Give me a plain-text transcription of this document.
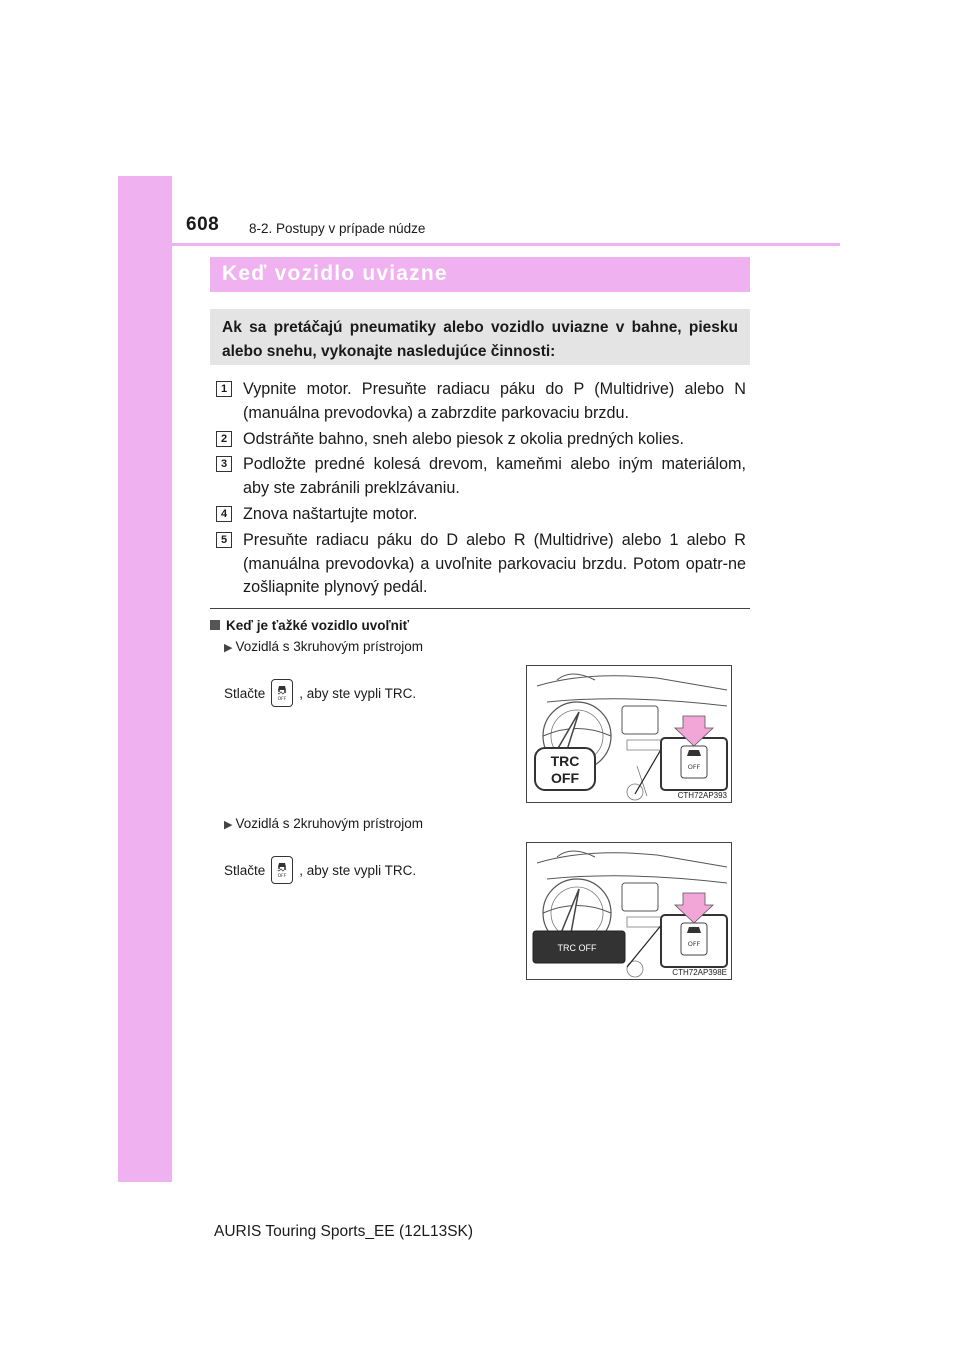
608 8-2. Postupy v prípade núdze
Keď vozidlo uviazne
Ak sa pretáčajú pneumatiky alebo vozidlo uviazne v bahne, piesku alebo snehu, vykonajte nasledujúce činnosti:
1 Vypnite motor. Presuňte radiacu páku do P (Multidrive) alebo N (manuálna prevodovka) a zabrzdite parkovaciu brzdu.
2 Odstráňte bahno, sneh alebo piesok z okolia predných kolies.
3 Podložte predné kolesá drevom, kameňmi alebo iným materiálom, aby ste zabránili preklzávaniu.
4 Znova naštartujte motor.
5 Presuňte radiacu páku do D alebo R (Multidrive) alebo 1 alebo R (manuálna prevodovka) a uvoľnite parkovaciu brzdu. Potom opatr-ne zošliapnite plynový pedál.
Keď je ťažké vozidlo uvoľniť
▶ Vozidlá s 3kruhovým prístrojom
Stlačte	OFF , aby ste vypli TRC.
TRC
OFF
OFF
CTH72AP393
▶ Vozidlá s 2kruhovým prístrojom
Stlačte	OFF , aby ste vypli TRC.
TRC OFF	OFF
CTH72AP398E
AURIS Touring Sports_EE (12L13SK)
